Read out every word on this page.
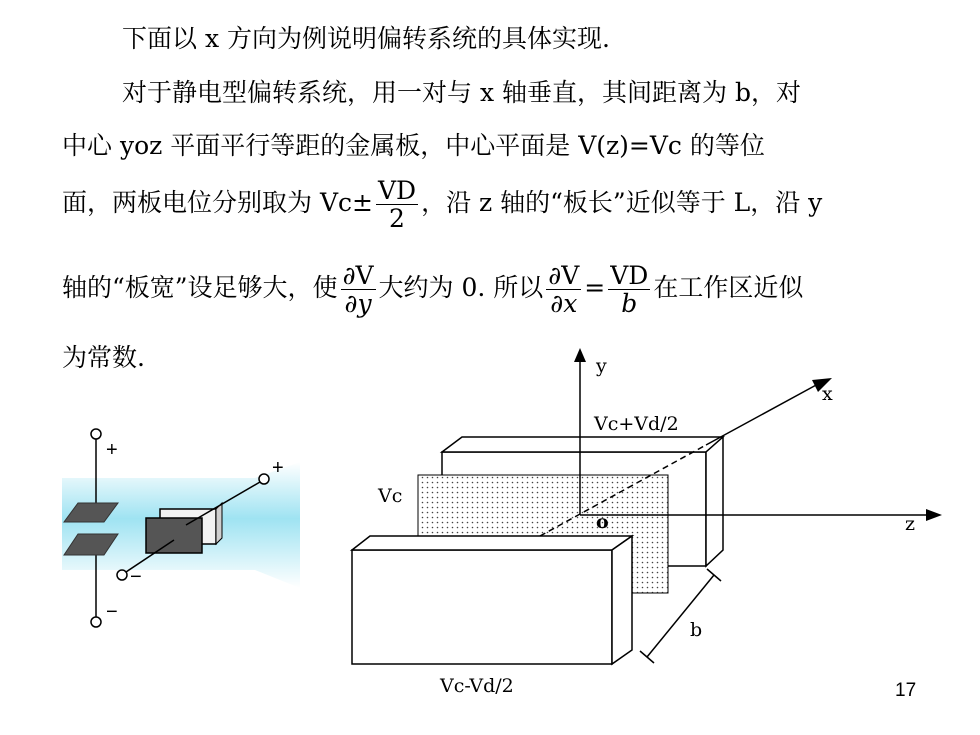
下面以 x 方向为例说明偏转系统的具体实现.
对于静电型偏转系统，用一对与 x 轴垂直，其间距离为 b，对
中心 yoz 平面平行等距的金属板，中心平面是 V(z)=Vc 的等位
面，两板电位分别取为 $Vc\pm \frac{VD}{2}$ ，沿 z 轴的“板长”近似等于 L，沿 y
轴的“板宽”设足够大，使 $\frac{\partial V}{\partial y}$ 大约为 0. 所以 $\frac{\partial V}{\partial x} = \frac{VD}{b}$ 在工作区近似
为常数.
+
−
+
−
y
x
z
o
Vc+Vd/2
Vc
Vc-Vd/2
b
17
